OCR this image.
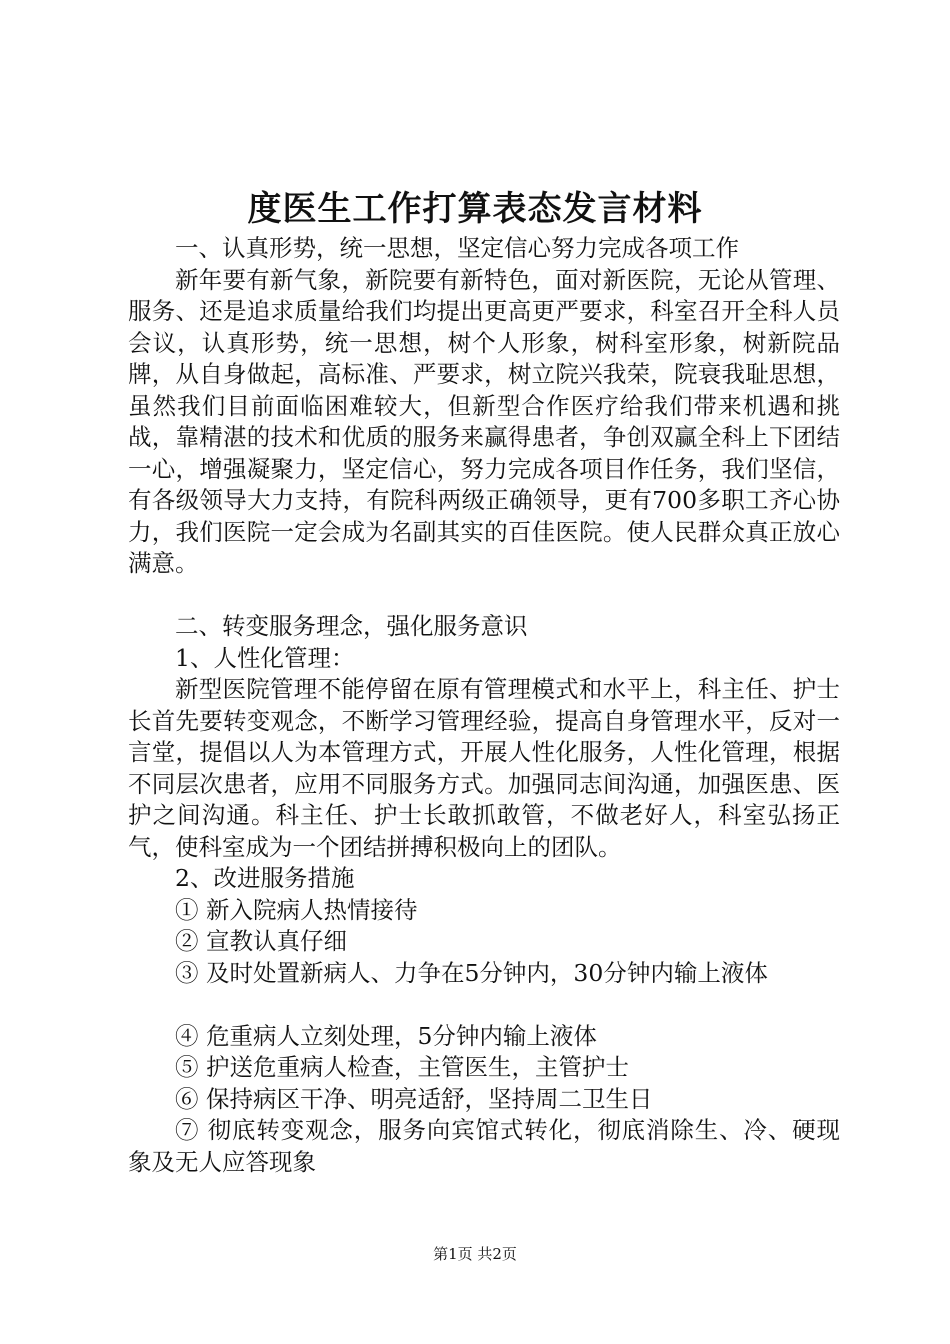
度医生工作打算表态发言材料

一、认真形势，统一思想，坚定信心努力完成各项工作

新年要有新气象，新院要有新特色，面对新医院，无论从管理、服务、还是追求质量给我们均提出更高更严要求，科室召开全科人员会议，认真形势，统一思想，树个人形象，树科室形象，树新院品牌，从自身做起，高标准、严要求，树立院兴我荣，院衰我耻思想，虽然我们目前面临困难较大，但新型合作医疗给我们带来机遇和挑战，靠精湛的技术和优质的服务来赢得患者，争创双赢全科上下团结一心，增强凝聚力，坚定信心，努力完成各项目作任务，我们坚信，有各级领导大力支持，有院科两级正确领导，更有700多职工齐心协力，我们医院一定会成为名副其实的百佳医院。使人民群众真正放心满意。

二、转变服务理念，强化服务意识

1、人性化管理：

新型医院管理不能停留在原有管理模式和水平上，科主任、护士长首先要转变观念，不断学习管理经验，提高自身管理水平，反对一言堂，提倡以人为本管理方式，开展人性化服务，人性化管理，根据不同层次患者，应用不同服务方式。加强同志间沟通，加强医患、医护之间沟通。科主任、护士长敢抓敢管，不做老好人，科室弘扬正气，使科室成为一个团结拼搏积极向上的团队。

2、改进服务措施

① 新入院病人热情接待

② 宣教认真仔细

③ 及时处置新病人、力争在5分钟内，30分钟内输上液体

④ 危重病人立刻处理，5分钟内输上液体

⑤ 护送危重病人检查，主管医生，主管护士

⑥ 保持病区干净、明亮适舒，坚持周二卫生日

⑦ 彻底转变观念，服务向宾馆式转化，彻底消除生、冷、硬现象及无人应答现象

第1页 共2页
